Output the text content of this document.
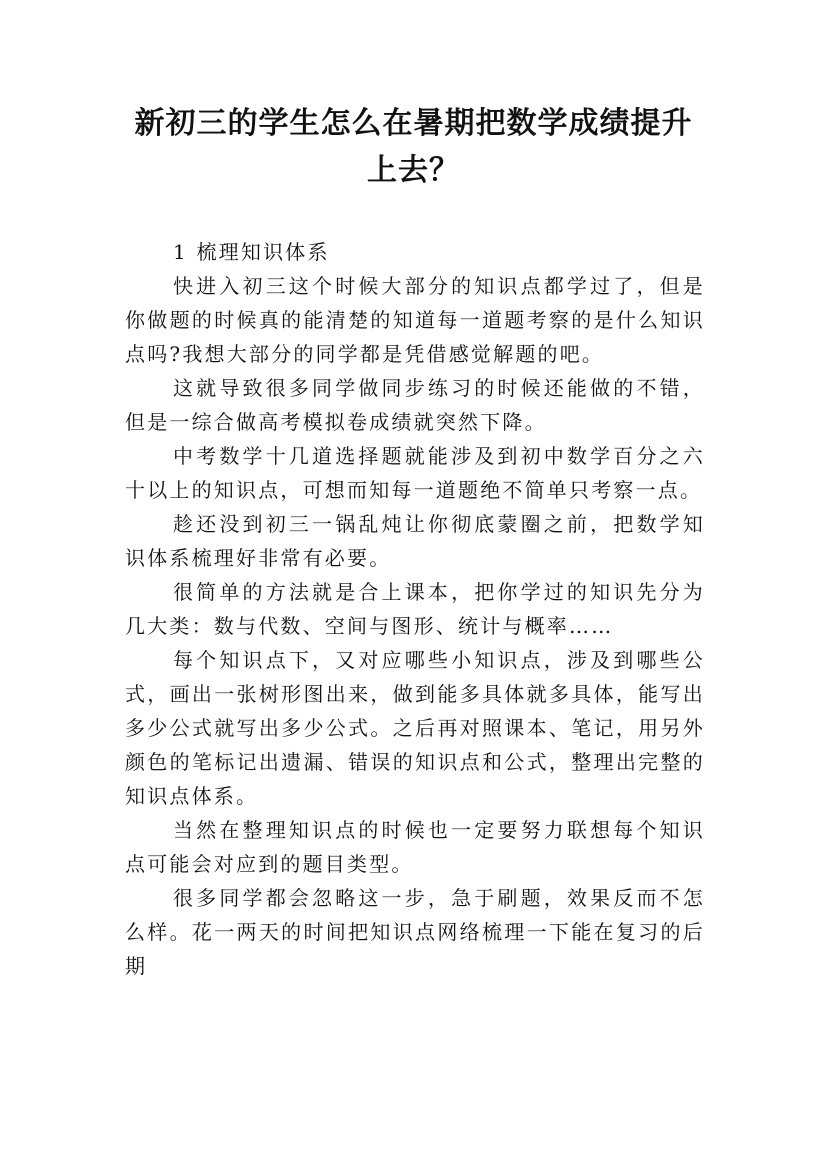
新初三的学生怎么在暑期把数学成绩提升
上去？

1 梳理知识体系

快进入初三这个时候大部分的知识点都学过了，但是你做题的时候真的能清楚的知道每一道题考察的是什么知识点吗?我想大部分的同学都是凭借感觉解题的吧。

这就导致很多同学做同步练习的时候还能做的不错，但是一综合做高考模拟卷成绩就突然下降。

中考数学十几道选择题就能涉及到初中数学百分之六十以上的知识点，可想而知每一道题绝不简单只考察一点。

趁还没到初三一锅乱炖让你彻底蒙圈之前，把数学知识体系梳理好非常有必要。

很简单的方法就是合上课本，把你学过的知识先分为几大类：数与代数、空间与图形、统计与概率……

每个知识点下，又对应哪些小知识点，涉及到哪些公式，画出一张树形图出来，做到能多具体就多具体，能写出多少公式就写出多少公式。之后再对照课本、笔记，用另外颜色的笔标记出遗漏、错误的知识点和公式，整理出完整的知识点体系。

当然在整理知识点的时候也一定要努力联想每个知识点可能会对应到的题目类型。

很多同学都会忽略这一步，急于刷题，效果反而不怎么样。花一两天的时间把知识点网络梳理一下能在复习的后期
